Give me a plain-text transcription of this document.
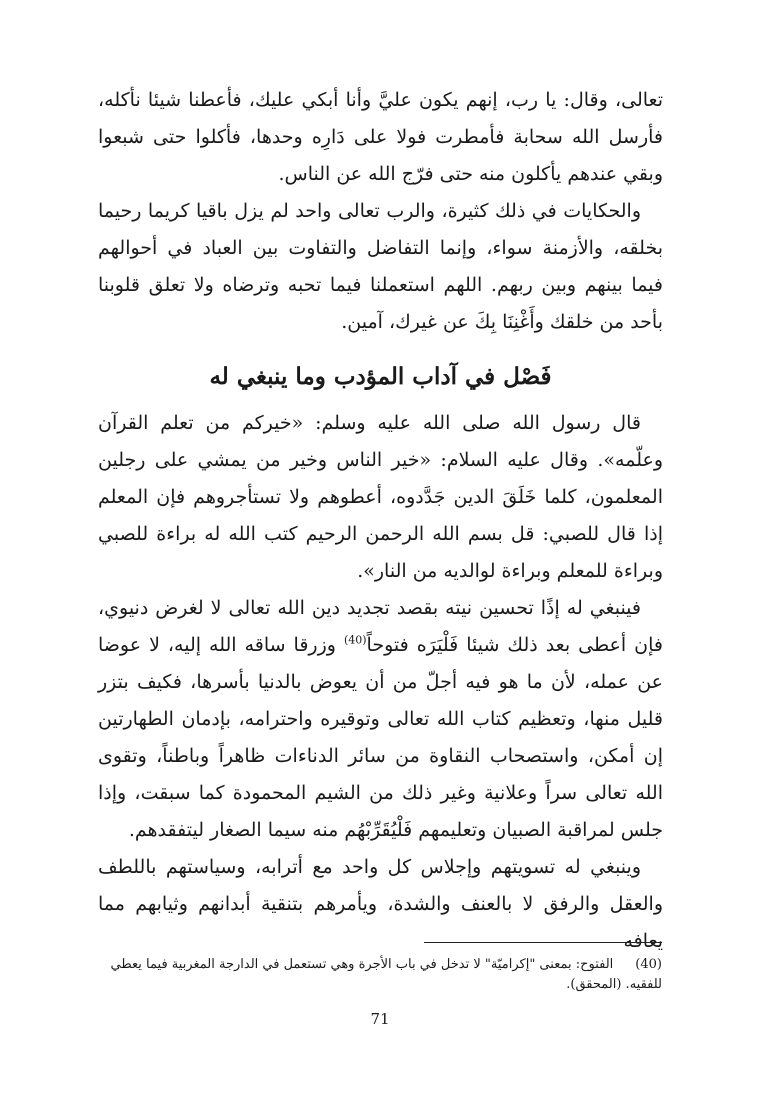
تعالى، وقال: يا رب، إنهم يكون عليَّ وأنا أبكي عليك، فأعطنا شيئا نأكله، فأرسل الله سحابة فأمطرت فولا على دَارِه وحدها، فأكلوا حتى شبعوا وبقي عندهم يأكلون منه حتى فرّج الله عن الناس.

والحكايات في ذلك كثيرة، والرب تعالى واحد لم يزل باقيا كريما رحيما بخلقه، والأزمنة سواء، وإنما التفاضل والتفاوت بين العباد في أحوالهم فيما بينهم وبين ربهم. اللهم استعملنا فيما تحبه وترضاه ولا تعلق قلوبنا بأحد من خلقك وأَغْنِنَا بِكَ عن غيرك، آمين.

فَصْل في آداب المؤدب وما ينبغي له

قال رسول الله صلى الله عليه وسلم: «خيركم من تعلم القرآن وعلّمه». وقال عليه السلام: «خير الناس وخير من يمشي على رجلين المعلمون، كلما خَلَقَ الدين جَدَّدوه، أعطوهم ولا تستأجروهم فإن المعلم إذا قال للصبي: قل بسم الله الرحمن الرحيم كتب الله له براءة للصبي وبراءة للمعلم وبراءة لوالديه من النار».

فينبغي له إذًا تحسين نيته بقصد تجديد دين الله تعالى لا لغرض دنيوي، فإن أعطى بعد ذلك شيئا فَلْيَرَه فتوحاً$^{(40)}$ وزرقا ساقه الله إليه، لا عوضا عن عمله، لأن ما هو فيه أجلّ من أن يعوض بالدنيا بأسرها، فكيف بتزر قليل منها، وتعظيم كتاب الله تعالى وتوقيره واحترامه، بإدمان الطهارتين إن أمكن، واستصحاب النقاوة من سائر الدناءات ظاهراً وباطناً، وتقوى الله تعالى سراً وعلانية وغير ذلك من الشيم المحمودة كما سبقت، وإذا جلس لمراقبة الصبيان وتعليمهم فَلْيُقَرِّبْهُم منه سيما الصغار ليتفقدهم.

وينبغي له تسويتهم وإجلاس كل واحد مع أترابه، وسياستهم باللطف والعقل والرفق لا بالعنف والشدة، ويأمرهم بتنقية أبدانهم وثيابهم مما يعافه

(40)الفتوح: بمعنى "إكراميّة" لا تدخل في باب الأجرة وهي تستعمل في الدارجة المغربية فيما يعطي للفقيه. (المحقق).
71
